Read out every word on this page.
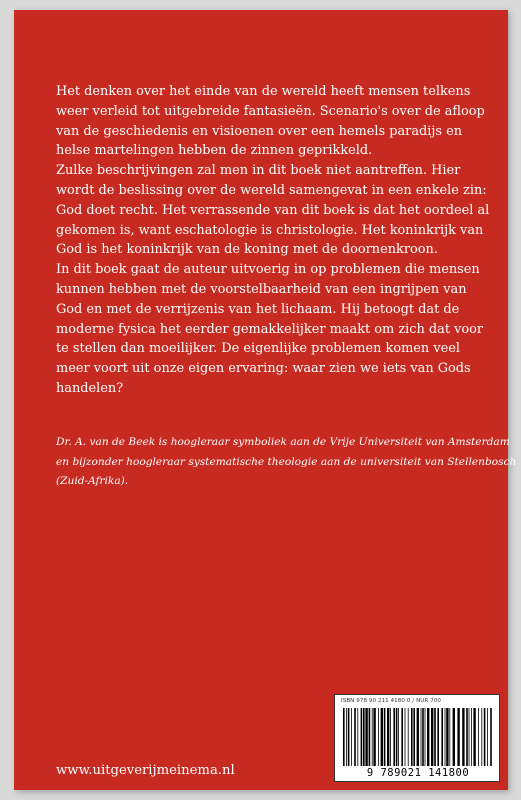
Het denken over het einde van de wereld heeft mensen telkens weer verleid tot uitgebreide fantasieën. Scenario's over de afloop van de geschiedenis en visioenen over een hemels paradijs en helse martelingen hebben de zinnen geprikkeld.

Zulke beschrijvingen zal men in dit boek niet aantreffen. Hier wordt de beslissing over de wereld samengevat in een enkele zin: God doet recht. Het verrassende van dit boek is dat het oordeel al gekomen is, want eschatologie is christologie. Het koninkrijk van God is het koninkrijk van de koning met de doornenkroon.

In dit boek gaat de auteur uitvoerig in op problemen die mensen kunnen hebben met de voorstelbaarheid van een ingrijpen van God en met de verrijzenis van het lichaam. Hij betoogt dat de moderne fysica het eerder gemakkelijker maakt om zich dat voor te stellen dan moeilijker. De eigenlijke problemen komen veel meer voort uit onze eigen ervaring: waar zien we iets van Gods handelen?

Dr. A. van de Beek is hoogleraar symboliek aan de Vrije Universiteit van Amsterdam
en bijzonder hoogleraar systematische theologie aan de universiteit van Stellenbosch
(Zuid-Afrika).
ISBN 978 90 211 4180 0 / NUR 700
9 789021 141800
www.uitgeverijmeinema.nl
